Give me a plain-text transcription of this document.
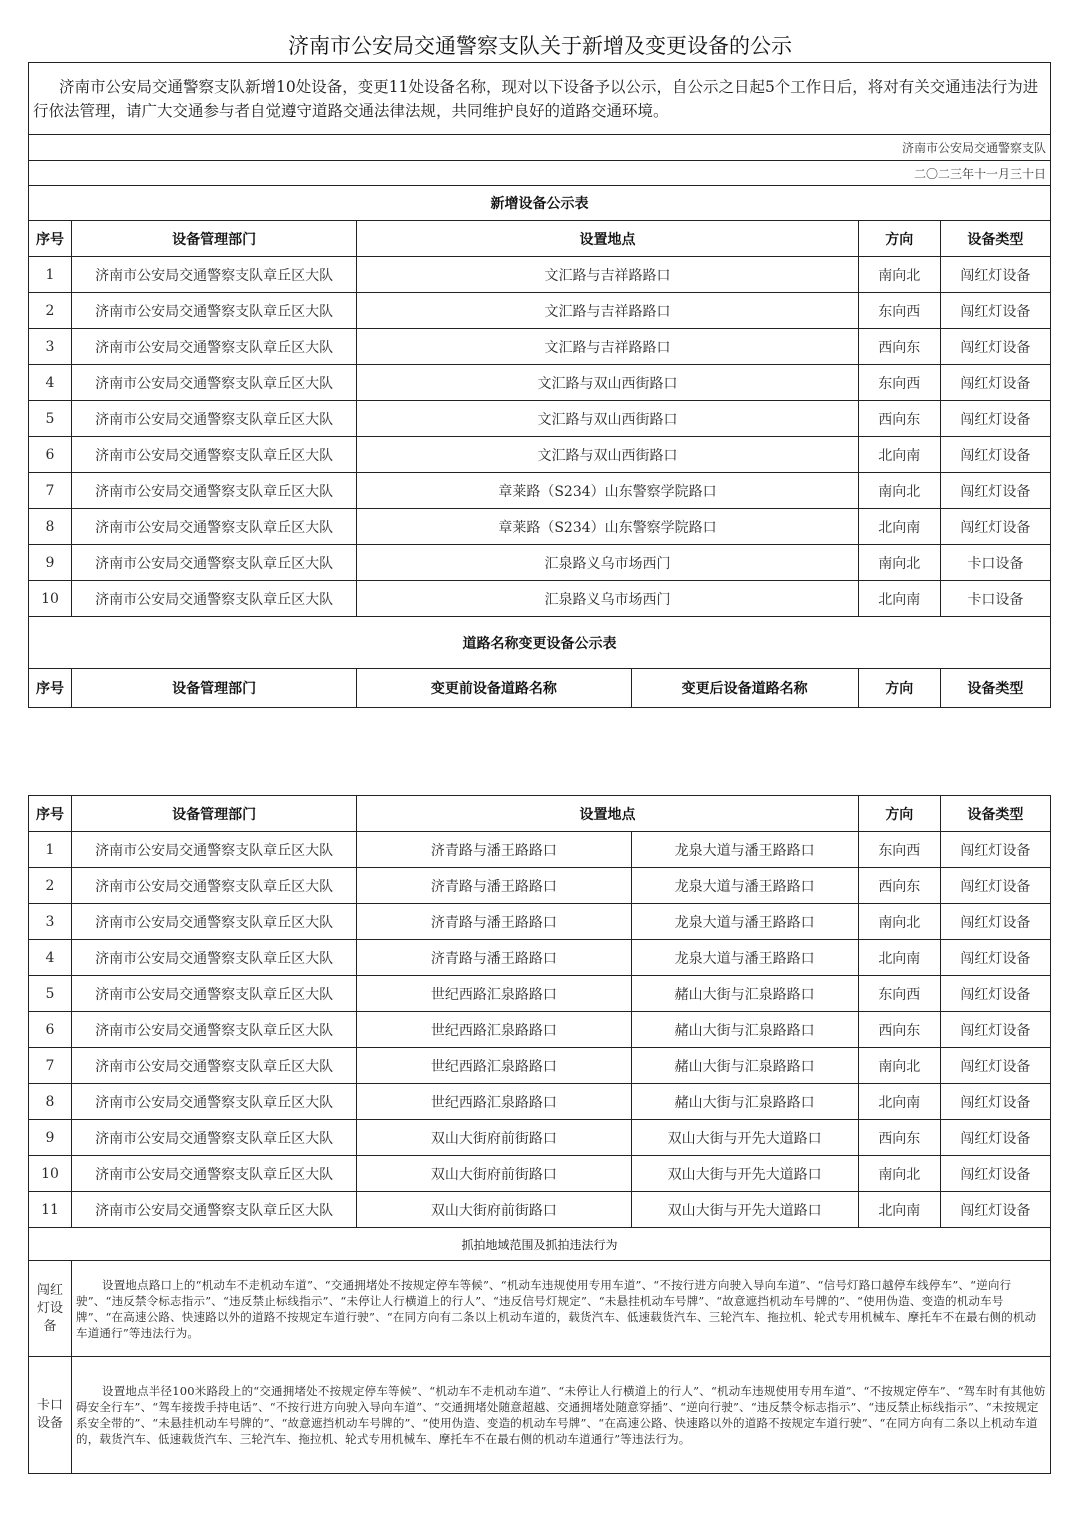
济南市公安局交通警察支队关于新增及变更设备的公示
济南市公安局交通警察支队新增10处设备，变更11处设备名称，现对以下设备予以公示，自公示之日起5个工作日后，将对有关交通违法行为进行依法管理，请广大交通参与者自觉遵守道路交通法律法规，共同维护良好的道路交通环境。					
济南市公安局交通警察支队					
二〇二三年十一月三十日					
新增设备公示表					
序号	设备管理部门	设置地点		方向	设备类型
1	济南市公安局交通警察支队章丘区大队	文汇路与吉祥路路口		南向北	闯红灯设备
2	济南市公安局交通警察支队章丘区大队	文汇路与吉祥路路口		东向西	闯红灯设备
3	济南市公安局交通警察支队章丘区大队	文汇路与吉祥路路口		西向东	闯红灯设备
4	济南市公安局交通警察支队章丘区大队	文汇路与双山西街路口		东向西	闯红灯设备
5	济南市公安局交通警察支队章丘区大队	文汇路与双山西街路口		西向东	闯红灯设备
6	济南市公安局交通警察支队章丘区大队	文汇路与双山西街路口		北向南	闯红灯设备
7	济南市公安局交通警察支队章丘区大队	章莱路（S234）山东警察学院路口		南向北	闯红灯设备
8	济南市公安局交通警察支队章丘区大队	章莱路（S234）山东警察学院路口		北向南	闯红灯设备
9	济南市公安局交通警察支队章丘区大队	汇泉路义乌市场西门		南向北	卡口设备
10	济南市公安局交通警察支队章丘区大队	汇泉路义乌市场西门		北向南	卡口设备
道路名称变更设备公示表					
序号	设备管理部门	变更前设备道路名称	变更后设备道路名称	方向	设备类型
序号	设备管理部门	设置地点		方向	设备类型
1	济南市公安局交通警察支队章丘区大队	济青路与潘王路路口	龙泉大道与潘王路路口	东向西	闯红灯设备
2	济南市公安局交通警察支队章丘区大队	济青路与潘王路路口	龙泉大道与潘王路路口	西向东	闯红灯设备
3	济南市公安局交通警察支队章丘区大队	济青路与潘王路路口	龙泉大道与潘王路路口	南向北	闯红灯设备
4	济南市公安局交通警察支队章丘区大队	济青路与潘王路路口	龙泉大道与潘王路路口	北向南	闯红灯设备
5	济南市公安局交通警察支队章丘区大队	世纪西路汇泉路路口	赭山大街与汇泉路路口	东向西	闯红灯设备
6	济南市公安局交通警察支队章丘区大队	世纪西路汇泉路路口	赭山大街与汇泉路路口	西向东	闯红灯设备
7	济南市公安局交通警察支队章丘区大队	世纪西路汇泉路路口	赭山大街与汇泉路路口	南向北	闯红灯设备
8	济南市公安局交通警察支队章丘区大队	世纪西路汇泉路路口	赭山大街与汇泉路路口	北向南	闯红灯设备
9	济南市公安局交通警察支队章丘区大队	双山大街府前街路口	双山大街与开先大道路口	西向东	闯红灯设备
10	济南市公安局交通警察支队章丘区大队	双山大街府前街路口	双山大街与开先大道路口	南向北	闯红灯设备
11	济南市公安局交通警察支队章丘区大队	双山大街府前街路口	双山大街与开先大道路口	北向南	闯红灯设备
抓拍地域范围及抓拍违法行为					
闯红灯设备	设置地点路口上的“机动车不走机动车道”、“交通拥堵处不按规定停车等候”、“机动车违规使用专用车道”、“不按行进方向驶入导向车道”、“信号灯路口越停车线停车”、“逆向行驶”、“违反禁令标志指示”、“违反禁止标线指示”、“未停让人行横道上的行人”、“违反信号灯规定”、“未悬挂机动车号牌”、“故意遮挡机动车号牌的”、“使用伪造、变造的机动车号牌”、“在高速公路、快速路以外的道路不按规定车道行驶”、“在同方向有二条以上机动车道的，载货汽车、低速载货汽车、三轮汽车、拖拉机、轮式专用机械车、摩托车不在最右侧的机动车道通行”等违法行为。				
卡口设备	设置地点半径100米路段上的“交通拥堵处不按规定停车等候”、“机动车不走机动车道”、“未停让人行横道上的行人”、“机动车违规使用专用车道”、“不按规定停车”、“驾车时有其他妨碍安全行车”、“驾车接拨手持电话”、“不按行进方向驶入导向车道”、“交通拥堵处随意超越、交通拥堵处随意穿插”、“逆向行驶”、“违反禁令标志指示”、“违反禁止标线指示”、“未按规定系安全带的”、“未悬挂机动车号牌的”、“故意遮挡机动车号牌的”、“使用伪造、变造的机动车号牌”、“在高速公路、快速路以外的道路不按规定车道行驶”、“在同方向有二条以上机动车道的，载货汽车、低速载货汽车、三轮汽车、拖拉机、轮式专用机械车、摩托车不在最右侧的机动车道通行”等违法行为。				
